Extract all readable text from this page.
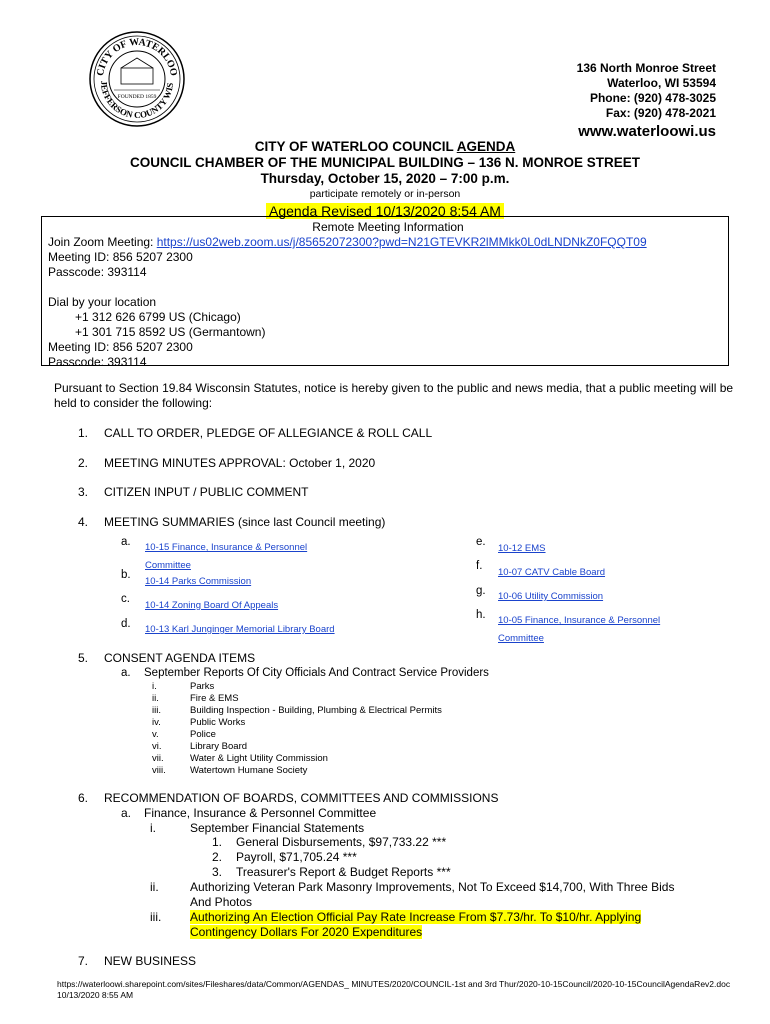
CITY OF WATERLOO
JEFFERSON COUNTY WIS
FOUNDED 1859
136 North Monroe Street
Waterloo, WI 53594
Phone: (920) 478-3025
Fax: (920) 478-2021
www.waterloowi.us
CITY OF WATERLOO COUNCIL AGENDA
COUNCIL CHAMBER OF THE MUNICIPAL BUILDING – 136 N. MONROE STREET
Thursday, October 15, 2020 – 7:00 p.m.
participate remotely or in-person
Agenda Revised 10/13/2020 8:54 AM
Remote Meeting Information
Join Zoom Meeting: https://us02web.zoom.us/j/85652072300?pwd=N21GTEVKR2lMMkk0L0dLNDNkZ0FQQT09
Meeting ID: 856 5207 2300
Passcode: 393114
Dial by your location
+1 312 626 6799 US (Chicago)
+1 301 715 8592 US (Germantown)
Meeting ID: 856 5207 2300
Passcode: 393114
Pursuant to Section 19.84 Wisconsin Statutes, notice is hereby given to the public and news media, that a public meeting will be held to consider the following:
1. CALL TO ORDER, PLEDGE OF ALLEGIANCE & ROLL CALL
2. MEETING MINUTES APPROVAL: October 1, 2020
3. CITIZEN INPUT / PUBLIC COMMENT
4. MEETING SUMMARIES (since last Council meeting)
a. 10-15 Finance, Insurance & Personnel
Committee
b.
10-14 Parks Commission
c.
10-14 Zoning Board Of Appeals
d. 10-13 Karl Junginger Memorial Library Board
e.
10-12 EMS
f.
10-07 CATV Cable Board
g. 10-06 Utility Commission
h. 10-05 Finance, Insurance & Personnel
Committee
5. CONSENT AGENDA ITEMS
a. September Reports Of City Officials And Contract Service Providers
i.	Parks
ii.	Fire & EMS
iii.	Building Inspection - Building, Plumbing & Electrical Permits
iv.	Public Works
v.	Police
vi.	Library Board
vii.	Water & Light Utility Commission
viii.	Watertown Humane Society
6. RECOMMENDATION OF BOARDS, COMMITTEES AND COMMISSIONS
a. Finance, Insurance & Personnel Committee
i.	September Financial Statements
1. General Disbursements, $97,733.22 ***
2. Payroll, $71,705.24 ***
3. Treasurer's Report & Budget Reports ***
ii.	Authorizing Veteran Park Masonry Improvements, Not To Exceed $14,700, With Three Bids
And Photos
iii. Authorizing An Election Official Pay Rate Increase From $7.73/hr. To $10/hr. Applying
Contingency Dollars For 2020 Expenditures
7. NEW BUSINESS
https://waterloowi.sharepoint.com/sites/Fileshares/data/Common/AGENDAS_ MINUTES/2020/COUNCIL-1st and 3rd Thur/2020-10-15Council/2020-10-15CouncilAgendaRev2.doc
10/13/2020 8:55 AM
